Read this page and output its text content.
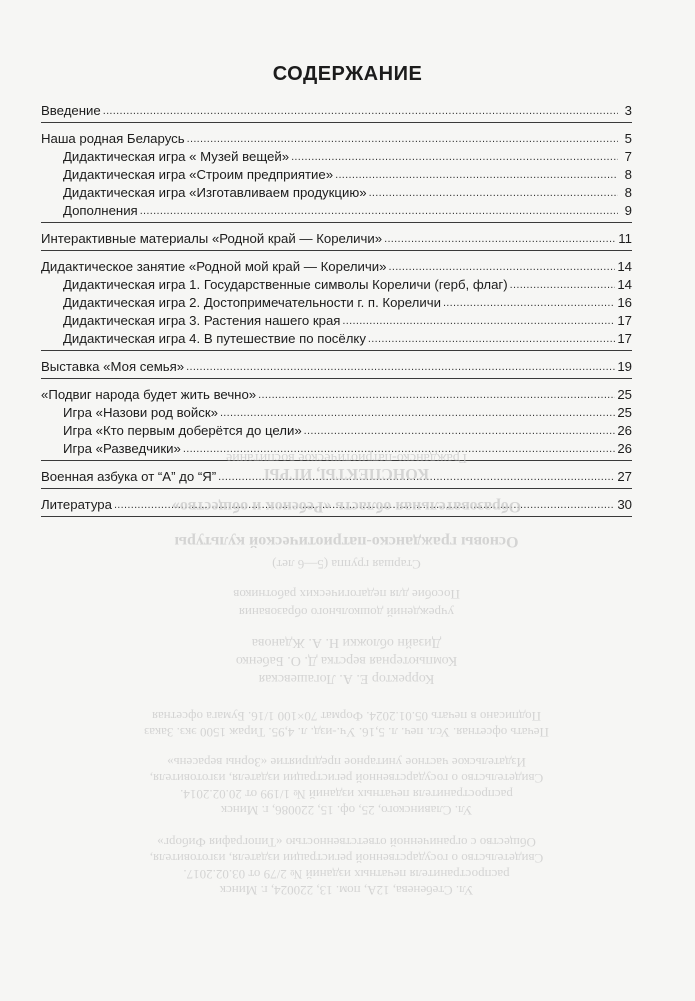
СОДЕРЖАНИЕ
Введение .....	3
Наша родная Беларусь .....	5
Дидактическая игра « Музей вещей» .....	7
Дидактическая игра «Строим предприятие» .....	8
Дидактическая игра «Изготавливаем продукцию» .....	8
Дополнения .....	9
Интерактивные материалы «Родной край — Кореличи» .....	11
Дидактическое занятие «Родной мой край — Кореличи» .....	14
Дидактическая игра 1. Государственные символы Кореличи (герб, флаг) .....	14
Дидактическая игра 2. Достопримечательности г. п. Кореличи .....	16
Дидактическая игра 3. Растения нашего края .....	17
Дидактическая игра 4. В путешествие по посёлку .....	17
Выставка «Моя семья» .....	19
«Подвиг народа будет жить вечно» .....	25
Игра «Назови род войск» .....	25
Игра «Кто первым доберётся до цели» .....	26
Игра «Разведчики» .....	26
Военная азбука от “А” до “Я” .....	27
Литература .....	30
Гражданско-патриотическое воспитание
КОНСПЕКТЫ, ИГРЫ
Образовательная область «Ребенок и общество»
Основы гражданско-патриотической культуры
Старшая группа (5—6 лет)
Пособие для педагогических работников
учреждений дошкольного образования
Дизайн обложки Н. А. Жданова
Компьютерная верстка Д. О. Бабенко
Корректор Е. А. Логашевская
Подписано в печать 05.01.2024. Формат 70×100 1/16. Бумага офсетная
Печать офсетная. Усл. печ. л. 5,16. Уч.-изд. л. 4,95. Тираж 1500 экз. Заказ
Издательское частное унитарное предприятие «Зорны верасень»
Свидетельство о государственной регистрации издателя, изготовителя,
распространителя печатных изданий № 1/199 от 20.02.2014.
Ул. Славинского, 25, оф. 15, 220086, г. Минск
Общество с ограниченной ответственностью «Типография Фиборг»
Свидетельство о государственной регистрации издателя, изготовителя,
распространителя печатных изданий № 2/79 от 03.02.2017.
Ул. Стебенева, 12А, пом. 13, 220024, г. Минск
